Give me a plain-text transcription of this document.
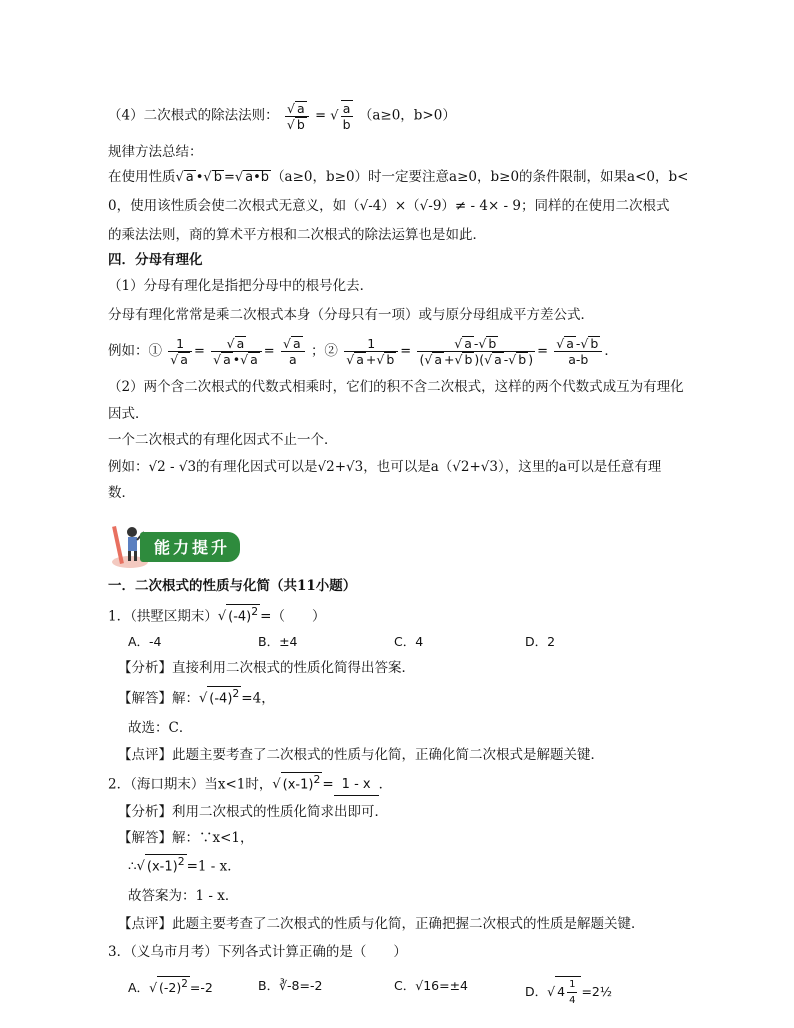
（4）二次根式的除法法则： $\frac{√ a}{√ b}$ = √ $\frac{a}{b} (a\ge 0$，b>0）
规律方法总结：
在使用性质√ a •√ b =√ a•b （a≥0，b≥0）时一定要注意a≥0，b≥0的条件限制，如果a<0，b<
0，使用该性质会使二次根式无意义，如（√-4）×（√-9）≠ - 4× - 9；同样的在使用二次根式
的乘法法则，商的算术平方根和二次根式的除法运算也是如此．
四．分母有理化
（1）分母有理化是指把分母中的根号化去．
分母有理化常常是乘二次根式本身（分母只有一项）或与原分母组成平方差公式．
例如：① $\frac{1}{√ a} = \frac{√ a}{√ a •√ a} = \frac{√ a}{a}$ ；② $\frac{1}{√ a +√ b} = \frac{√ a -√ b}{(√ a +√ b )(√ a -√ b )} = \frac{√ a -√ b}{a-b}$ ．
（2）两个含二次根式的代数式相乘时，它们的积不含二次根式，这样的两个代数式成互为有理化
因式．
一个二次根式的有理化因式不止一个．
例如：√2 - √3的有理化因式可以是√2+√3，也可以是a（√2+√3），这里的a可以是任意有理
数．
能力提升
一．二次根式的性质与化简（共11小题）
1．（拱墅区期末）√ $(-4)^2$ =（　　）
A．-4	B．±4	C．4	D．2
【分析】直接利用二次根式的性质化简得出答案．
【解答】解：√ $(-4)^2 =4$，
故选：C．
【点评】此题主要考查了二次根式的性质与化简，正确化简二次根式是解题关键．
2．（海口期末）当x<1时，√ $(x-1)^2 = 1 - x$ ．
【分析】利用二次根式的性质化简求出即可．
【解答】解：∵x<1，
∴√ $(x-1)^2 =1 - x$．
故答案为：1 - x．
【点评】此题主要考查了二次根式的性质与化简，正确把握二次根式的性质是解题关键．
3．（义乌市月考）下列各式计算正确的是（　　）
A．√ $(-2)^2 =-2$	B．∛-8=-2	C．√16=±4	D．√ $4 \frac{1}{4}$ =2½
